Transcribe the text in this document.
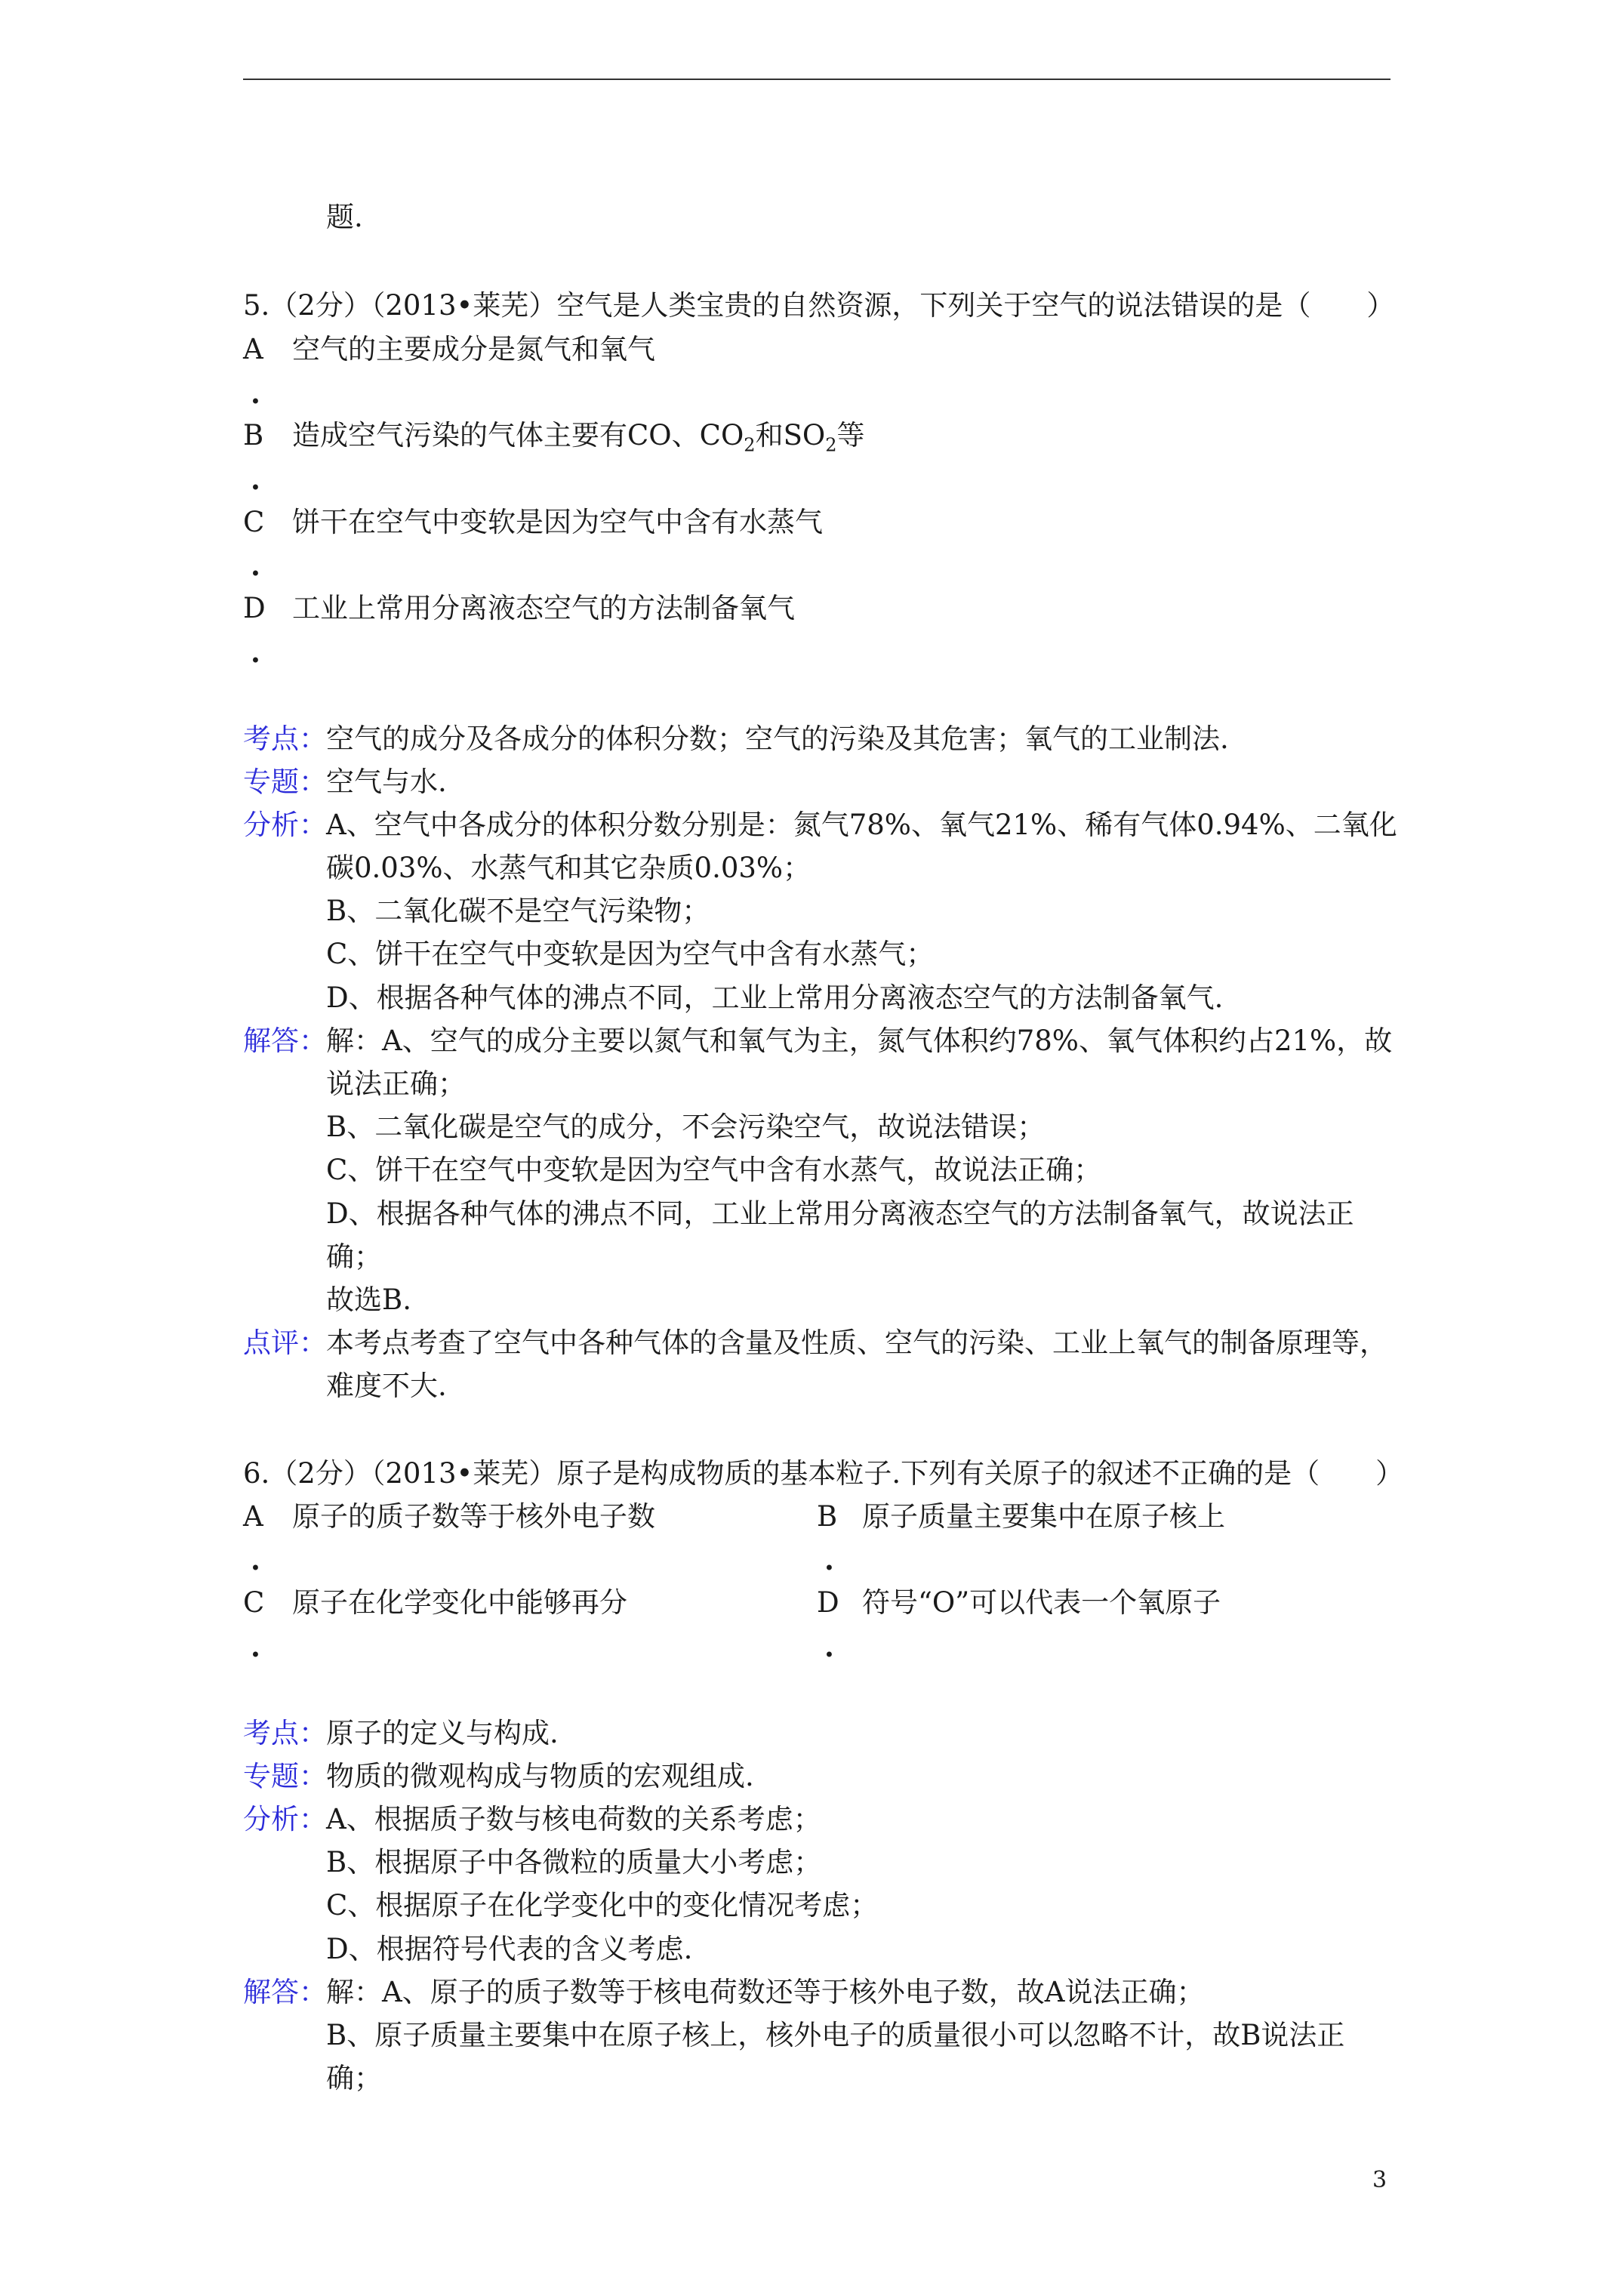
题.
5.（2分）（2013•莱芜）空气是人类宝贵的自然资源，下列关于空气的说法错误的是（　　）
A 空气的主要成分是氮气和氧气
.
B 造成空气污染的气体主要有CO、$CO_2$和$SO_2$等
.
C 饼干在空气中变软是因为空气中含有水蒸气
.
D 工业上常用分离液态空气的方法制备氧气
.
考点： 空气的成分及各成分的体积分数；空气的污染及其危害；氧气的工业制法.
专题： 空气与水.
分析： A、空气中各成分的体积分数分别是：氮气78%、氧气21%、稀有气体0.94%、二氧化
碳0.03%、水蒸气和其它杂质0.03%；
B、二氧化碳不是空气污染物；
C、饼干在空气中变软是因为空气中含有水蒸气；
D、根据各种气体的沸点不同，工业上常用分离液态空气的方法制备氧气.
解答： 解：A、空气的成分主要以氮气和氧气为主，氮气体积约78%、氧气体积约占21%，故
说法正确；
B、二氧化碳是空气的成分，不会污染空气，故说法错误；
C、饼干在空气中变软是因为空气中含有水蒸气，故说法正确；
D、根据各种气体的沸点不同，工业上常用分离液态空气的方法制备氧气，故说法正
确；
故选B.
点评： 本考点考查了空气中各种气体的含量及性质、空气的污染、工业上氧气的制备原理等，
难度不大.
6.（2分）（2013•莱芜）原子是构成物质的基本粒子.下列有关原子的叙述不正确的是（　　）
A 原子的质子数等于核外电子数
.
B 原子质量主要集中在原子核上
.
C 原子在化学变化中能够再分
.
D 符号“O”可以代表一个氧原子
.
考点： 原子的定义与构成.
专题： 物质的微观构成与物质的宏观组成.
分析： A、根据质子数与核电荷数的关系考虑；
B、根据原子中各微粒的质量大小考虑；
C、根据原子在化学变化中的变化情况考虑；
D、根据符号代表的含义考虑.
解答： 解：A、原子的质子数等于核电荷数还等于核外电子数，故A说法正确；
B、原子质量主要集中在原子核上，核外电子的质量很小可以忽略不计，故B说法正
确；
3
